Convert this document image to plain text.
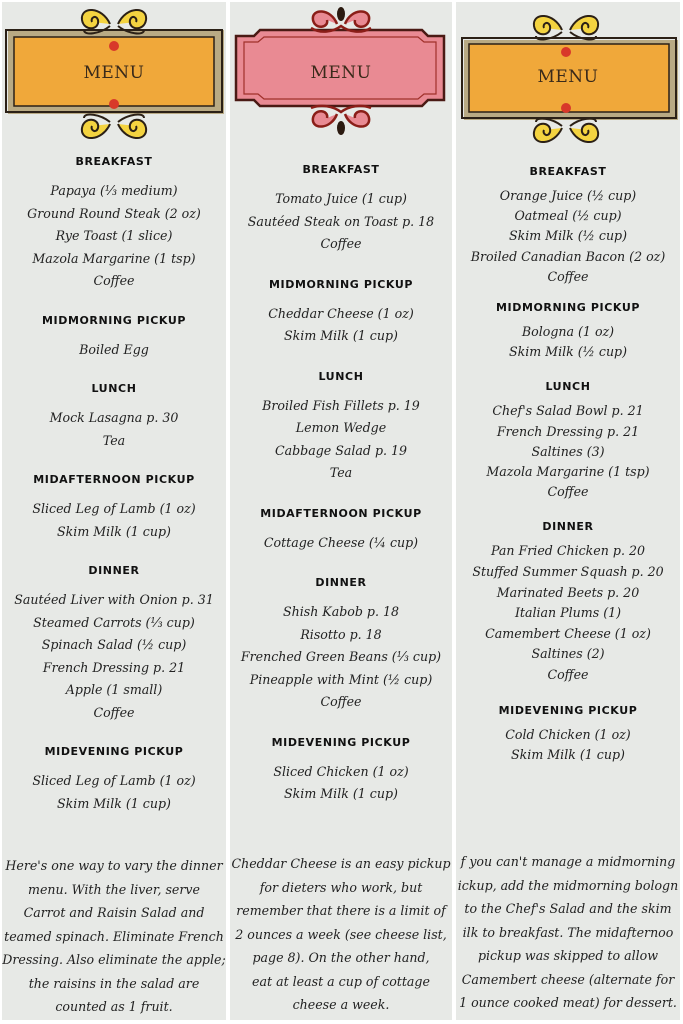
MENU
BREAKFAST
Papaya (⅓ medium)
Ground Round Steak (2 oz)
Rye Toast (1 slice)
Mazola Margarine (1 tsp)
Coffee
MIDMORNING PICKUP
Boiled Egg
LUNCH
Mock Lasagna p. 30
Tea
MIDAFTERNOON PICKUP
Sliced Leg of Lamb (1 oz)
Skim Milk (1 cup)
DINNER
Sautéed Liver with Onion p. 31
Steamed Carrots (⅓ cup)
Spinach Salad (½ cup)
French Dressing p. 21
Apple (1 small)
Coffee
MIDEVENING PICKUP
Sliced Leg of Lamb (1 oz)
Skim Milk (1 cup)
Here's one way to vary the dinner
menu. With the liver, serve
Carrot and Raisin Salad and
teamed spinach. Eliminate French
Dressing. Also eliminate the apple;
the raisins in the salad are
counted as 1 fruit.
MENU
BREAKFAST
Tomato Juice (1 cup)
Sautéed Steak on Toast p. 18
Coffee
MIDMORNING PICKUP
Cheddar Cheese (1 oz)
Skim Milk (1 cup)
LUNCH
Broiled Fish Fillets p. 19
Lemon Wedge
Cabbage Salad p. 19
Tea
MIDAFTERNOON PICKUP
Cottage Cheese (¼ cup)
DINNER
Shish Kabob p. 18
Risotto p. 18
Frenched Green Beans (⅓ cup)
Pineapple with Mint (½ cup)
Coffee
MIDEVENING PICKUP
Sliced Chicken (1 oz)
Skim Milk (1 cup)
Cheddar Cheese is an easy pickup
for dieters who work, but
remember that there is a limit of
2 ounces a week (see cheese list,
page 8). On the other hand,
eat at least a cup of cottage
cheese a week.
MENU
BREAKFAST
Orange Juice (½ cup)
Oatmeal (½ cup)
Skim Milk (½ cup)
Broiled Canadian Bacon (2 oz)
Coffee
MIDMORNING PICKUP
Bologna (1 oz)
Skim Milk (½ cup)
LUNCH
Chef's Salad Bowl p. 21
French Dressing p. 21
Saltines (3)
Mazola Margarine (1 tsp)
Coffee
DINNER
Pan Fried Chicken p. 20
Stuffed Summer Squash p. 20
Marinated Beets p. 20
Italian Plums (1)
Camembert Cheese (1 oz)
Saltines (2)
Coffee
MIDEVENING PICKUP
Cold Chicken (1 oz)
Skim Milk (1 cup)
f you can't manage a midmorning
ickup, add the midmorning bologn
to the Chef's Salad and the skim
ilk to breakfast. The midafternoo
pickup was skipped to allow
Camembert cheese (alternate for
1 ounce cooked meat) for dessert.
